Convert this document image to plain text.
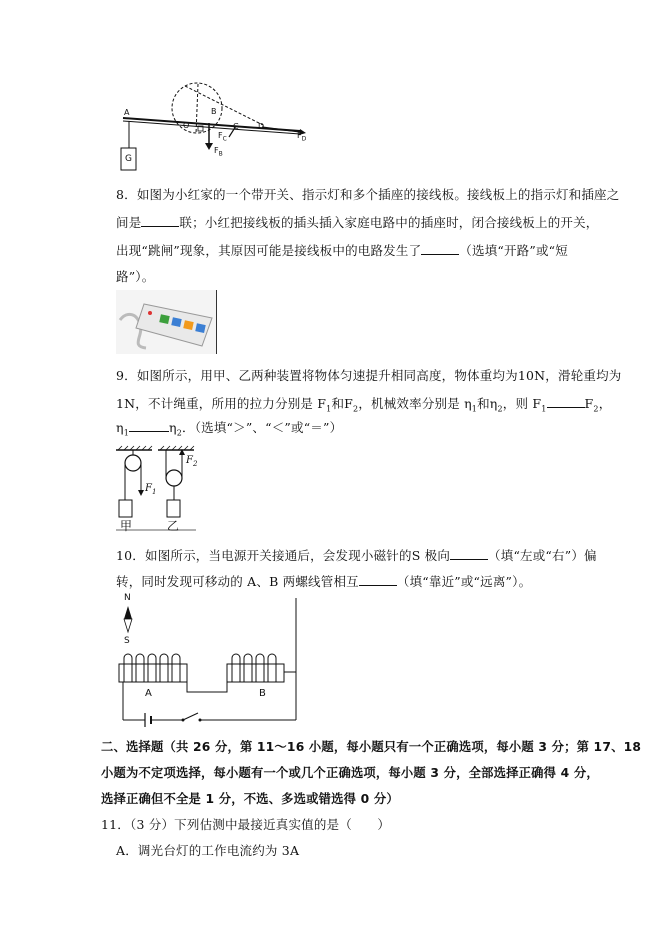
A
O
B
C D
$F_B$
$F_C$	$F_D$
G
8．如图为小红家的一个带开关、指示灯和多个插座的接线板。接线板上的指示灯和插座之
间是	联；小红把接线板的插头插入家庭电路中的插座时，闭合接线板上的开关，
出现“跳闸”现象，其原因可能是接线板中的电路发生了	（选填“开路”或“短
路”）。
9．如图所示，用甲、乙两种装置将物体匀速提升相同高度，物体重均为10N，滑轮重均为
1N，不计绳重，所用的拉力分别是 $F_1$和$F_2$，机械效率分别是 $\eta_1$和$\eta_2$，则 $F_1$	$F_2$，
$\eta_1$	$\eta_2$．（选填“＞”、“＜”或“＝”）
$F_1$
$F_2$
甲	乙
10．如图所示，当电源开关接通后，会发现小磁针的S 极向	（填“左或“右”）偏
转，同时发现可移动的 A、B 两螺线管相互	（填“靠近”或“远离”）。
N
S
A	B
二、选择题（共 26 分，第 11～16 小题，每小题只有一个正确选项，每小题 3 分；第 17、18
小题为不定项选择，每小题有一个或几个正确选项，每小题 3 分，全部选择正确得 4 分，
选择正确但不全是 1 分，不选、多选或错选得 0 分）
11．（3 分）下列估测中最接近真实值的是（　　）
A．调光台灯的工作电流约为 3A
